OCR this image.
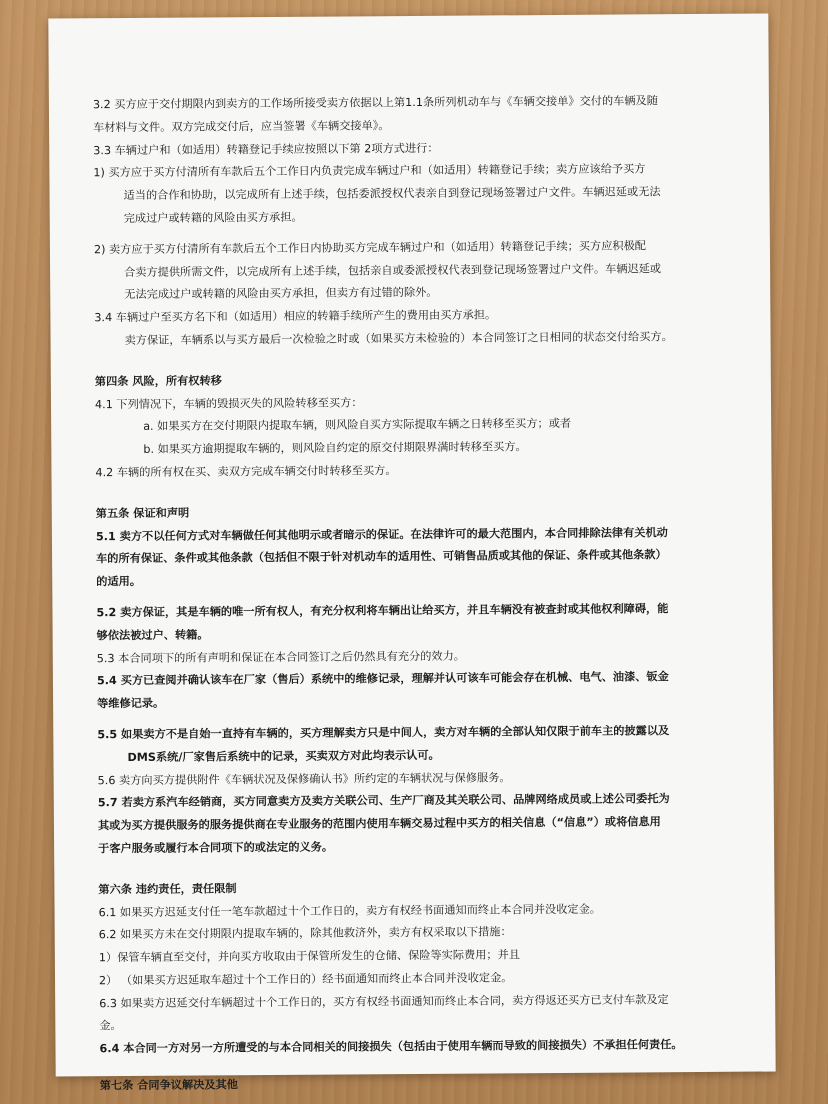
3.2 买方应于交付期限内到卖方的工作场所接受卖方依据以上第1.1条所列机动车与《车辆交接单》交付的车辆及随
车材料与文件。双方完成交付后，应当签署《车辆交接单》。
3.3 车辆过户和（如适用）转籍登记手续应按照以下第 2项方式进行：
1) 买方应于买方付清所有车款后五个工作日内负责完成车辆过户和（如适用）转籍登记手续；卖方应该给予买方
适当的合作和协助，以完成所有上述手续，包括委派授权代表亲自到登记现场签署过户文件。车辆迟延或无法
完成过户或转籍的风险由买方承担。
2) 卖方应于买方付清所有车款后五个工作日内协助买方完成车辆过户和（如适用）转籍登记手续；买方应积极配
合卖方提供所需文件，以完成所有上述手续，包括亲自或委派授权代表到登记现场签署过户文件。车辆迟延或
无法完成过户或转籍的风险由买方承担，但卖方有过错的除外。
3.4 车辆过户至买方名下和（如适用）相应的转籍手续所产生的费用由买方承担。
卖方保证，车辆系以与买方最后一次检验之时或（如果买方未检验的）本合同签订之日相同的状态交付给买方。
第四条 风险，所有权转移
4.1 下列情况下，车辆的毁损灭失的风险转移至买方：
a. 如果买方在交付期限内提取车辆，则风险自买方实际提取车辆之日转移至买方；或者
b. 如果买方逾期提取车辆的，则风险自约定的原交付期限界满时转移至买方。
4.2 车辆的所有权在买、卖双方完成车辆交付时转移至买方。
第五条 保证和声明
5.1 卖方不以任何方式对车辆做任何其他明示或者暗示的保证。在法律许可的最大范围内，本合同排除法律有关机动
车的所有保证、条件或其他条款（包括但不限于针对机动车的适用性、可销售品质或其他的保证、条件或其他条款）
的适用。
5.2 卖方保证，其是车辆的唯一所有权人，有充分权利将车辆出让给买方，并且车辆没有被查封或其他权利障碍，能
够依法被过户、转籍。
5.3 本合同项下的所有声明和保证在本合同签订之后仍然具有充分的效力。
5.4 买方已查阅并确认该车在厂家（售后）系统中的维修记录，理解并认可该车可能会存在机械、电气、油漆、钣金
等维修记录。
5.5 如果卖方不是自始一直持有车辆的，买方理解卖方只是中间人，卖方对车辆的全部认知仅限于前车主的披露以及
DMS系统/厂家售后系统中的记录，买卖双方对此均表示认可。
5.6 卖方向买方提供附件《车辆状况及保修确认书》所约定的车辆状况与保修服务。
5.7 若卖方系汽车经销商，买方同意卖方及卖方关联公司、生产厂商及其关联公司、品牌网络成员或上述公司委托为
其或为买方提供服务的服务提供商在专业服务的范围内使用车辆交易过程中买方的相关信息（“信息”）或将信息用
于客户服务或履行本合同项下的或法定的义务。
第六条 违约责任，责任限制
6.1 如果买方迟延支付任一笔车款超过十个工作日的，卖方有权经书面通知而终止本合同并没收定金。
6.2 如果买方未在交付期限内提取车辆的，除其他救济外，卖方有权采取以下措施：
1）保管车辆直至交付，并向买方收取由于保管所发生的仓储、保险等实际费用；并且
2） （如果买方迟延取车超过十个工作日的）经书面通知而终止本合同并没收定金。
6.3 如果卖方迟延交付车辆超过十个工作日的，买方有权经书面通知而终止本合同，卖方得返还买方已支付车款及定
金。
6.4 本合同一方对另一方所遭受的与本合同相关的间接损失（包括由于使用车辆而导致的间接损失）不承担任何责任。
第七条 合同争议解决及其他
